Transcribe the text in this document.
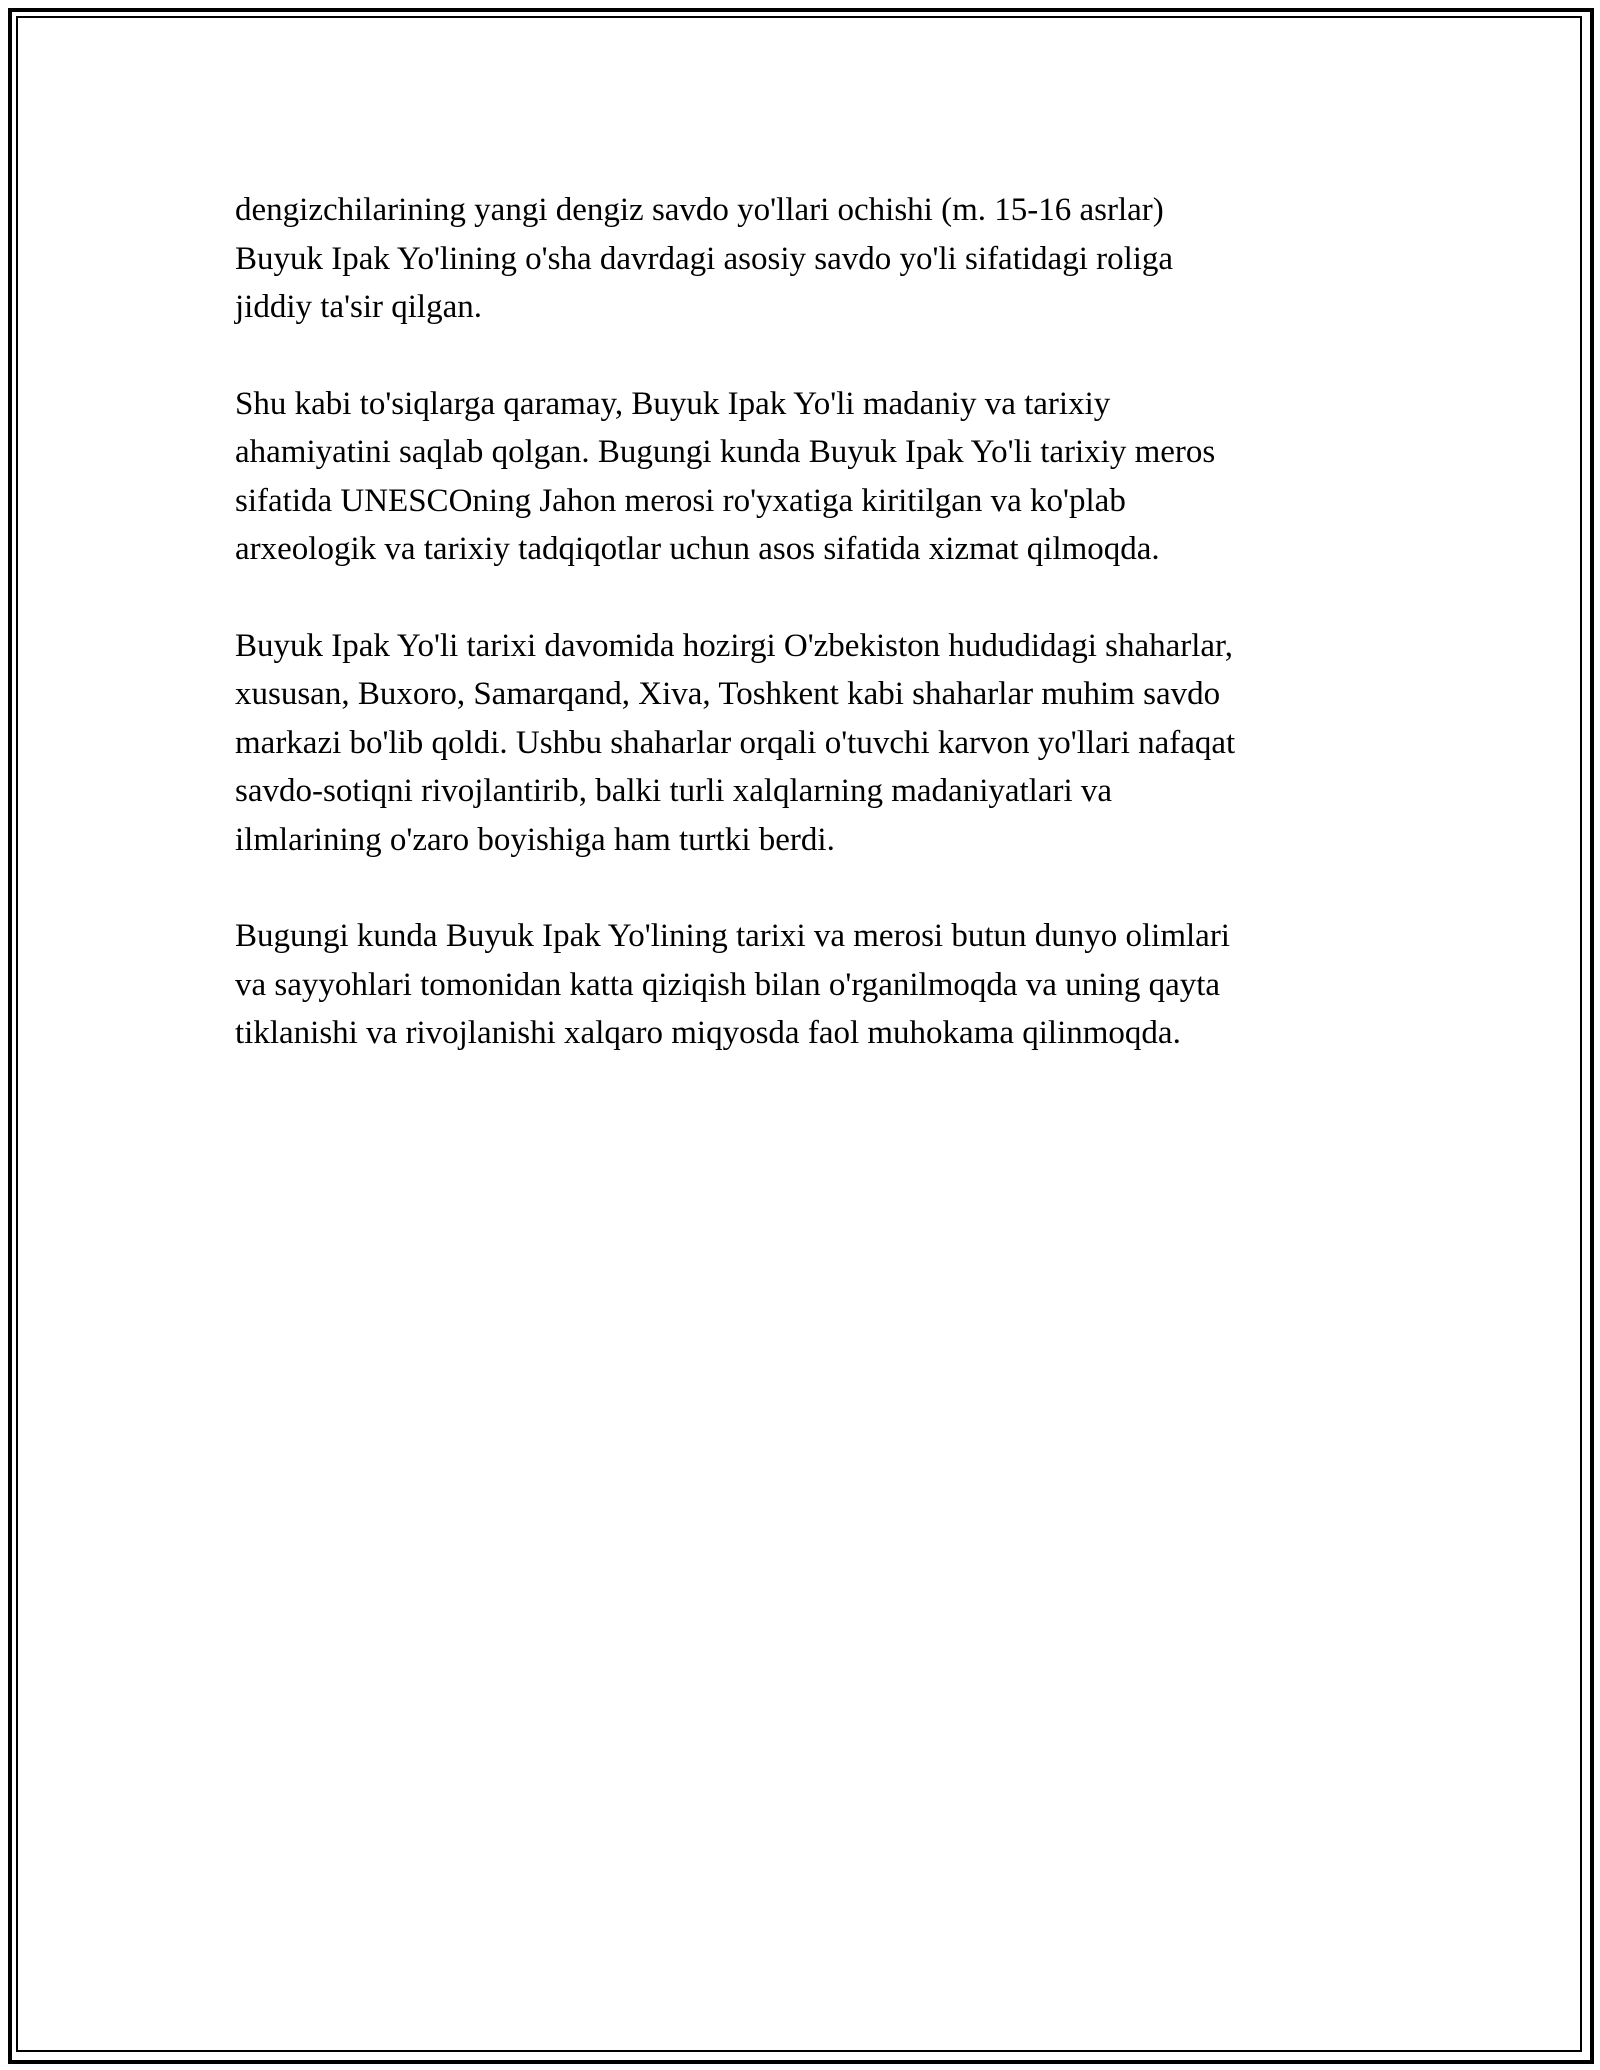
dengizchilarining yangi dengiz savdo yo'llari ochishi (m. 15-16 asrlar)
Buyuk Ipak Yo'lining o'sha davrdagi asosiy savdo yo'li sifatidagi roliga
jiddiy ta'sir qilgan.

Shu kabi to'siqlarga qaramay, Buyuk Ipak Yo'li madaniy va tarixiy
ahamiyatini saqlab qolgan. Bugungi kunda Buyuk Ipak Yo'li tarixiy meros
sifatida UNESCOning Jahon merosi ro'yxatiga kiritilgan va ko'plab
arxeologik va tarixiy tadqiqotlar uchun asos sifatida xizmat qilmoqda.

Buyuk Ipak Yo'li tarixi davomida hozirgi O'zbekiston hududidagi shaharlar,
xususan, Buxoro, Samarqand, Xiva, Toshkent kabi shaharlar muhim savdo
markazi bo'lib qoldi. Ushbu shaharlar orqali o'tuvchi karvon yo'llari nafaqat
savdo-sotiqni rivojlantirib, balki turli xalqlarning madaniyatlari va
ilmlarining o'zaro boyishiga ham turtki berdi.

Bugungi kunda Buyuk Ipak Yo'lining tarixi va merosi butun dunyo olimlari
va sayyohlari tomonidan katta qiziqish bilan o'rganilmoqda va uning qayta
tiklanishi va rivojlanishi xalqaro miqyosda faol muhokama qilinmoqda.
